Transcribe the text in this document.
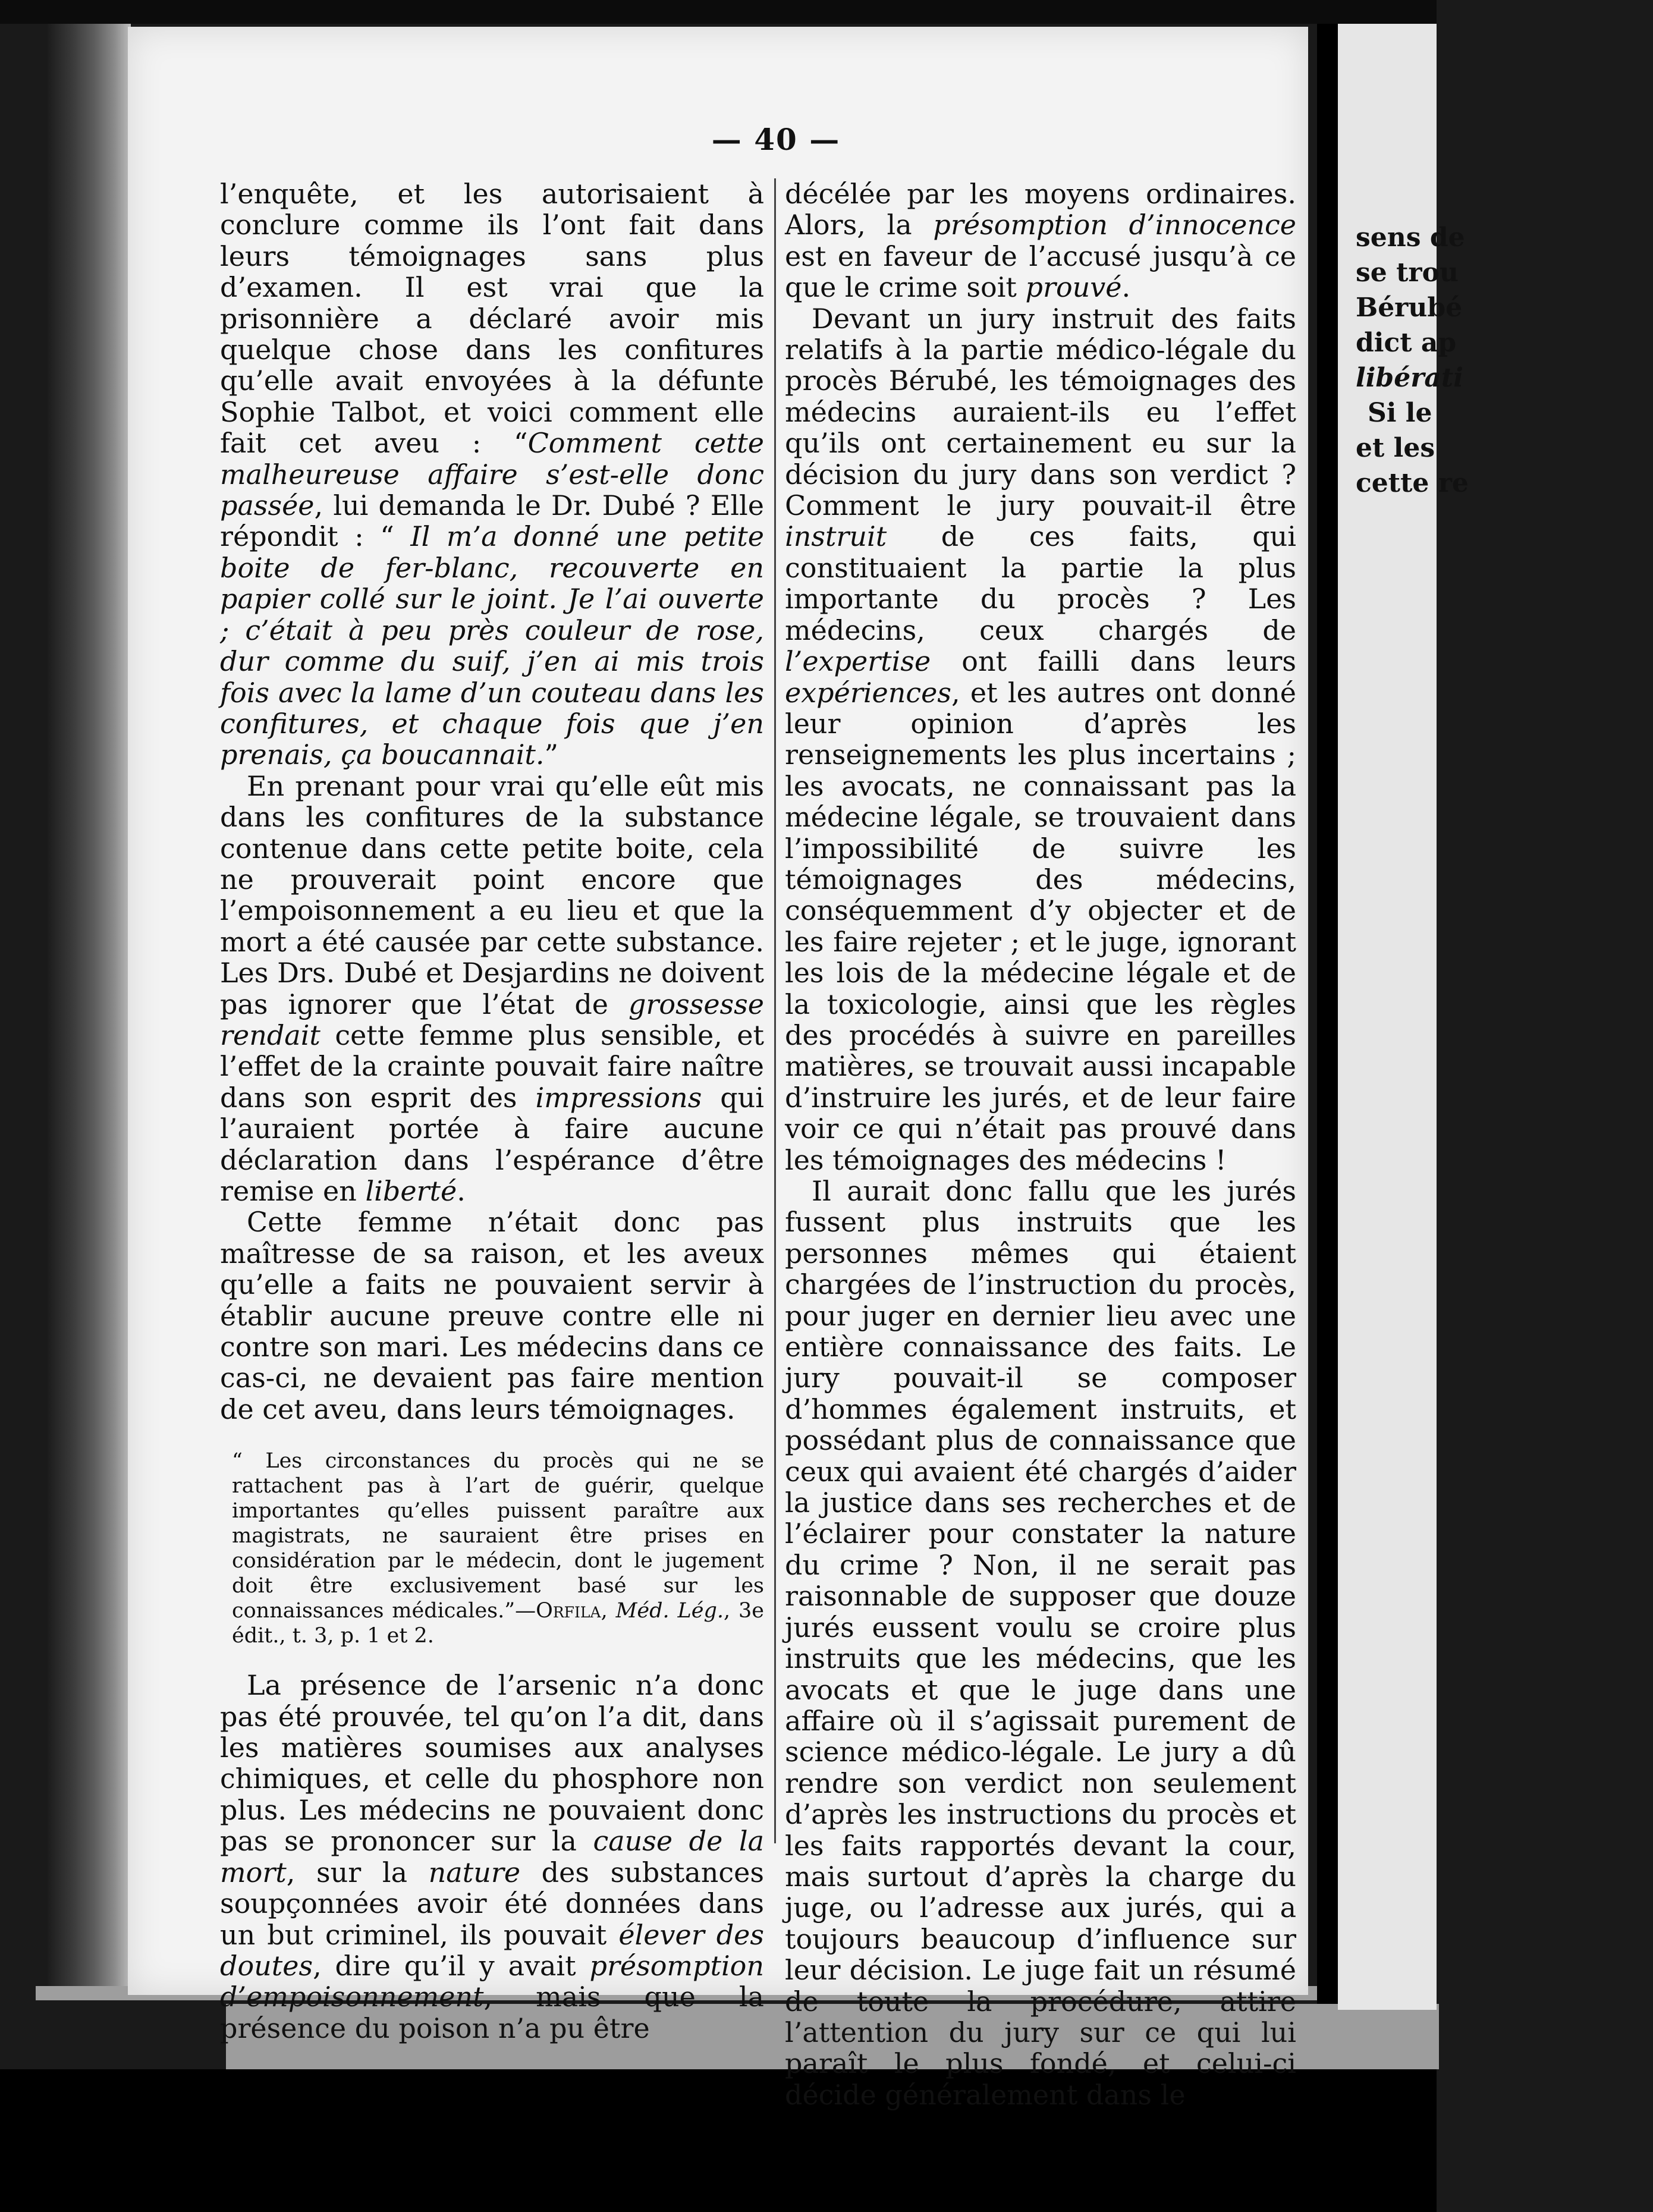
sens de
se trou
Bérubé
dict ap
libérati
Si le
et les
cette re
— 40 —

l’enquête, et les autorisaient à conclure comme ils l’ont fait dans leurs témoignages sans plus d’examen. Il est vrai que la prisonnière a déclaré avoir mis quelque chose dans les confitures qu’elle avait envoyées à la défunte Sophie Talbot, et voici comment elle fait cet aveu : “Comment cette malheureuse affaire s’est-elle donc passée, lui demanda le Dr. Dubé ? Elle répondit : “ Il m’a donné une petite boite de fer-blanc, recouverte en papier collé sur le joint. Je l’ai ouverte ; c’était à peu près couleur de rose, dur comme du suif, j’en ai mis trois fois avec la lame d’un couteau dans les confitures, et chaque fois que j’en prenais, ça boucannait.”

En prenant pour vrai qu’elle eût mis dans les confitures de la substance contenue dans cette petite boite, cela ne prouverait point encore que l’empoisonnement a eu lieu et que la mort a été causée par cette substance. Les Drs. Dubé et Desjardins ne doivent pas ignorer que l’état de grossesse rendait cette femme plus sensible, et l’effet de la crainte pouvait faire naître dans son esprit des impressions qui l’auraient portée à faire aucune déclaration dans l’espérance d’être remise en liberté.

Cette femme n’était donc pas maîtresse de sa raison, et les aveux qu’elle a faits ne pouvaient servir à établir aucune preuve contre elle ni contre son mari. Les médecins dans ce cas-ci, ne devaient pas faire mention de cet aveu, dans leurs témoignages.

“ Les circonstances du procès qui ne se rattachent pas à l’art de guérir, quelque importantes qu’elles puissent paraître aux magistrats, ne sauraient être prises en considération par le médecin, dont le jugement doit être exclusivement basé sur les connaissances médicales.”—Orfila, Méd. Lég., 3e édit., t. 3, p. 1 et 2.

La présence de l’arsenic n’a donc pas été prouvée, tel qu’on l’a dit, dans les matières soumises aux analyses chimiques, et celle du phosphore non plus. Les médecins ne pouvaient donc pas se prononcer sur la cause de la mort, sur la nature des substances soupçonnées avoir été données dans un but criminel, ils pouvait élever des doutes, dire qu’il y avait présomption d’empoisonnement, mais que la présence du poison n’a pu être

décélée par les moyens ordinaires. Alors, la présomption d’innocence est en faveur de l’accusé jusqu’à ce que le crime soit prouvé.

Devant un jury instruit des faits relatifs à la partie médico-légale du procès Bérubé, les témoignages des médecins auraient-ils eu l’effet qu’ils ont certainement eu sur la décision du jury dans son verdict ? Comment le jury pouvait-il être instruit de ces faits, qui constituaient la partie la plus importante du procès ? Les médecins, ceux chargés de l’expertise ont failli dans leurs expériences, et les autres ont donné leur opinion d’après les renseignements les plus incertains ; les avocats, ne connaissant pas la médecine légale, se trouvaient dans l’impossibilité de suivre les témoignages des médecins, conséquemment d’y objecter et de les faire rejeter ; et le juge, ignorant les lois de la médecine légale et de la toxicologie, ainsi que les règles des procédés à suivre en pareilles matières, se trouvait aussi incapable d’instruire les jurés, et de leur faire voir ce qui n’était pas prouvé dans les témoignages des médecins !

Il aurait donc fallu que les jurés fussent plus instruits que les personnes mêmes qui étaient chargées de l’instruction du procès, pour juger en dernier lieu avec une entière connaissance des faits. Le jury pouvait-il se composer d’hommes également instruits, et possédant plus de connaissance que ceux qui avaient été chargés d’aider la justice dans ses recherches et de l’éclairer pour constater la nature du crime ? Non, il ne serait pas raisonnable de supposer que douze jurés eussent voulu se croire plus instruits que les médecins, que les avocats et que le juge dans une affaire où il s’agissait purement de science médico-légale. Le jury a dû rendre son verdict non seulement d’après les instructions du procès et les faits rapportés devant la cour, mais surtout d’après la charge du juge, ou l’adresse aux jurés, qui a toujours beaucoup d’influence sur leur décision. Le juge fait un résumé de toute la procédure, attire l’attention du jury sur ce qui lui paraît le plus fondé, et celui-ci décide généralement dans le
